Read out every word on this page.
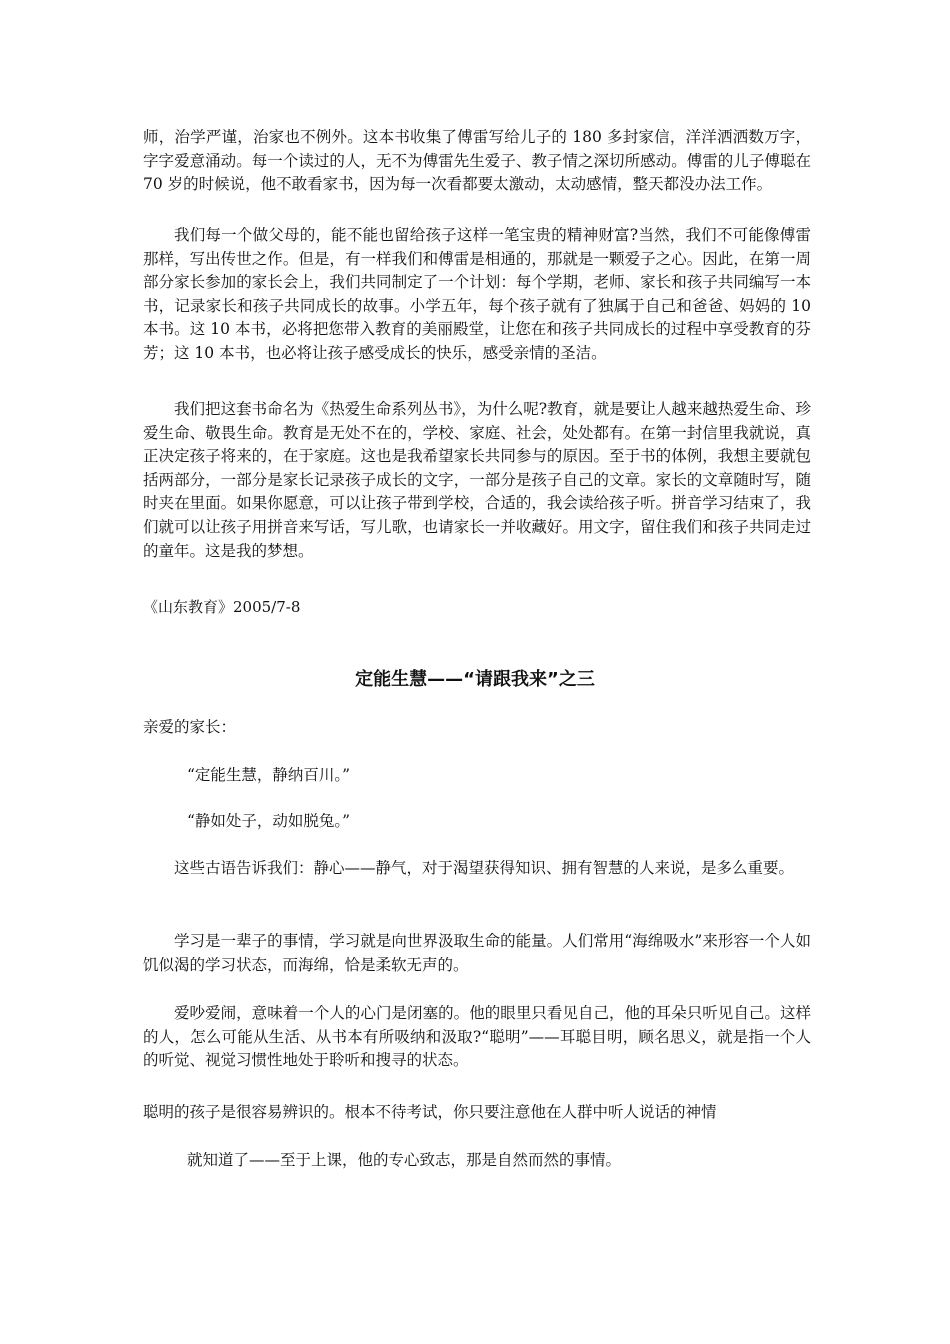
师，治学严谨，治家也不例外。这本书收集了傅雷写给儿子的 180 多封家信，洋洋洒洒数万字，字字爱意涌动。每一个读过的人，无不为傅雷先生爱子、教子情之深切所感动。傅雷的儿子傅聪在 70 岁的时候说，他不敢看家书，因为每一次看都要太激动，太动感情，整天都没办法工作。

我们每一个做父母的，能不能也留给孩子这样一笔宝贵的精神财富?当然，我们不可能像傅雷那样，写出传世之作。但是，有一样我们和傅雷是相通的，那就是一颗爱子之心。因此，在第一周部分家长参加的家长会上，我们共同制定了一个计划：每个学期，老师、家长和孩子共同编写一本书，记录家长和孩子共同成长的故事。小学五年，每个孩子就有了独属于自己和爸爸、妈妈的 10 本书。这 10 本书，必将把您带入教育的美丽殿堂，让您在和孩子共同成长的过程中享受教育的芬芳；这 10 本书，也必将让孩子感受成长的快乐，感受亲情的圣洁。

我们把这套书命名为《热爱生命系列丛书》，为什么呢?教育，就是要让人越来越热爱生命、珍爱生命、敬畏生命。教育是无处不在的，学校、家庭、社会，处处都有。在第一封信里我就说，真正决定孩子将来的，在于家庭。这也是我希望家长共同参与的原因。至于书的体例，我想主要就包括两部分，一部分是家长记录孩子成长的文字，一部分是孩子自己的文章。家长的文章随时写，随时夹在里面。如果你愿意，可以让孩子带到学校，合适的，我会读给孩子听。拼音学习结束了，我们就可以让孩子用拼音来写话，写儿歌，也请家长一并收藏好。用文字，留住我们和孩子共同走过的童年。这是我的梦想。

《山东教育》2005/7-8

定能生慧——“请跟我来”之三

亲爱的家长：

“定能生慧，静纳百川。”

“静如处子，动如脱兔。”

这些古语告诉我们：静心——静气，对于渴望获得知识、拥有智慧的人来说，是多么重要。

学习是一辈子的事情，学习就是向世界汲取生命的能量。人们常用“海绵吸水”来形容一个人如饥似渴的学习状态，而海绵，恰是柔软无声的。

爱吵爱闹，意味着一个人的心门是闭塞的。他的眼里只看见自己，他的耳朵只听见自己。这样的人，怎么可能从生活、从书本有所吸纳和汲取?“聪明”——耳聪目明，顾名思义，就是指一个人的听觉、视觉习惯性地处于聆听和搜寻的状态。

聪明的孩子是很容易辨识的。根本不待考试，你只要注意他在人群中听人说话的神情

就知道了——至于上课，他的专心致志，那是自然而然的事情。
